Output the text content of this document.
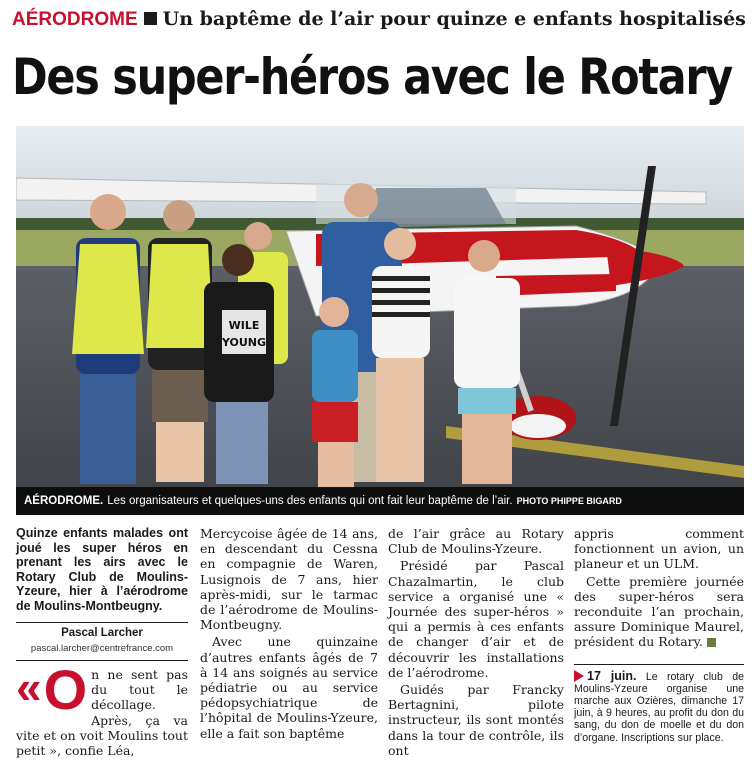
AÉRODROME Un baptême de l’air pour quinze e enfants hospitalisés
Des super-héros avec le Rotary
WILE
YOUNG
AÉRODROME. Les organisateurs et quelques-uns des enfants qui ont fait leur baptême de l’air. PHOTO PHIPPE BIGARD

Quinze enfants malades ont joué les super héros en prenant les airs avec le Rotary Club de Moulins-Yzeure, hier à l’aérodrome de Moulins-Montbeugny.

Pascal Larcher

pascal.larcher@centrefrance.com

« O n ne sent pas du tout le décollage. Après, ça va vite et on voit Moulins tout petit », confie Léa,

Mercycoise âgée de 14 ans, en descendant du Cessna en compagnie de Waren, Lusignois de 7 ans, hier après-midi, sur le tarmac de l’aérodrome de Moulins-Montbeugny.

Avec une quinzaine d’autres enfants âgés de 7 à 14 ans soignés au service pédiatrie ou au service pédopsychiatrique de l’hôpital de Moulins-Yzeure, elle a fait son baptême

de l’air grâce au Rotary Club de Moulins-Yzeure.

Présidé par Pascal Chazalmartin, le club service a organisé une « Journée des super-héros » qui a permis à ces enfants de changer d’air et de découvrir les installations de l’aérodrome.

Guidés par Francky Bertagnini, pilote instructeur, ils sont montés dans la tour de contrôle, ils ont

appris comment fonctionnent un avion, un planeur et un ULM.

Cette première journée des super-héros sera reconduite l’an prochain, assure Dominique Maurel, président du Rotary.

17 juin. Le rotary club de Moulins-Yzeure organise une marche aux Ozières, dimanche 17 juin, à 9 heures, au profit du don du sang, du don de moelle et du don d’organe. Inscriptions sur place.
